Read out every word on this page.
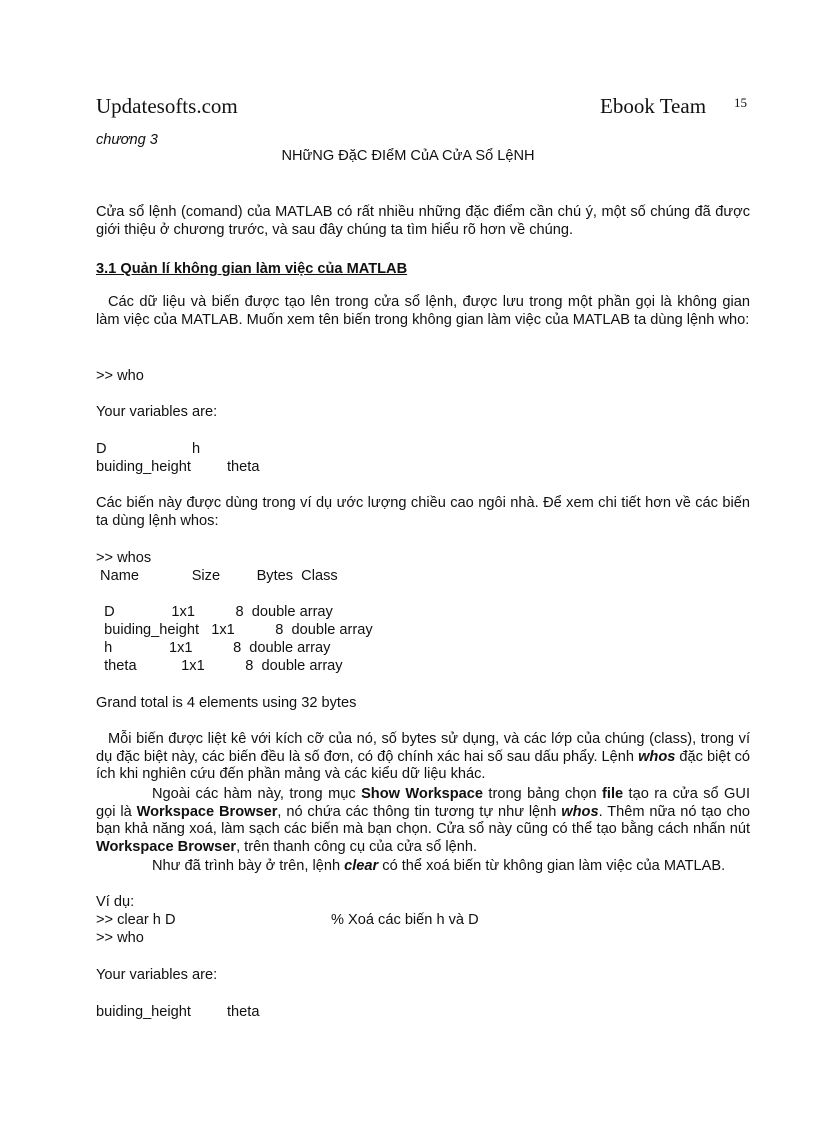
Updatesofts.com	Ebook Team 15
chương 3
NHữNG ĐặC ĐIểM CủA CửA Sổ LệNH
Cửa sổ lệnh (comand) của MATLAB có rất nhiều những đặc điểm cần chú ý, một số chúng đã được giới thiệu ở chương trước, và sau đây chúng ta tìm hiểu rõ hơn về chúng.
3.1 Quản lí không gian làm việc của MATLAB
Các dữ liệu và biến được tạo lên trong cửa sổ lệnh, được lưu trong một phần gọi là không gian làm việc của MATLAB. Muốn xem tên biến trong không gian làm việc của MATLAB ta dùng lệnh who:
>> who
Your variables are:
D	h
buiding_height theta
Các biến này được dùng trong ví dụ ước lượng chiều cao ngôi nhà. Để xem chi tiết hơn về các biến ta dùng lệnh whos:
>> whos
Name             Size         Bytes  Class
D              1x1          8  double array
buiding_height   1x1          8  double array
h              1x1          8  double array
theta           1x1          8  double array
Grand total is 4 elements using 32 bytes
Mỗi biến được liệt kê với kích cỡ của nó, số bytes sử dụng, và các lớp của chúng (class), trong ví dụ đặc biệt này, các biến đều là số đơn, có độ chính xác hai số sau dấu phẩy. Lệnh whos đặc biệt có ích khi nghiên cứu đến phần mảng và các kiểu dữ liệu khác.
Ngoài các hàm này, trong mục Show Workspace trong bảng chọn file tạo ra cửa sổ GUI gọi là Workspace Browser, nó chứa các thông tin tương tự như lệnh whos. Thêm nữa nó tạo cho bạn khả năng xoá, làm sạch các biến mà bạn chọn. Cửa sổ này cũng có thể tạo bằng cách nhấn nút Workspace Browser, trên thanh công cụ của cửa sổ lệnh.
Như đã trình bày ở trên, lệnh clear có thể xoá biến từ không gian làm việc của MATLAB.
Ví dụ:
>> clear h D	% Xoá các biến h và D
>> who
Your variables are:
buiding_height theta
